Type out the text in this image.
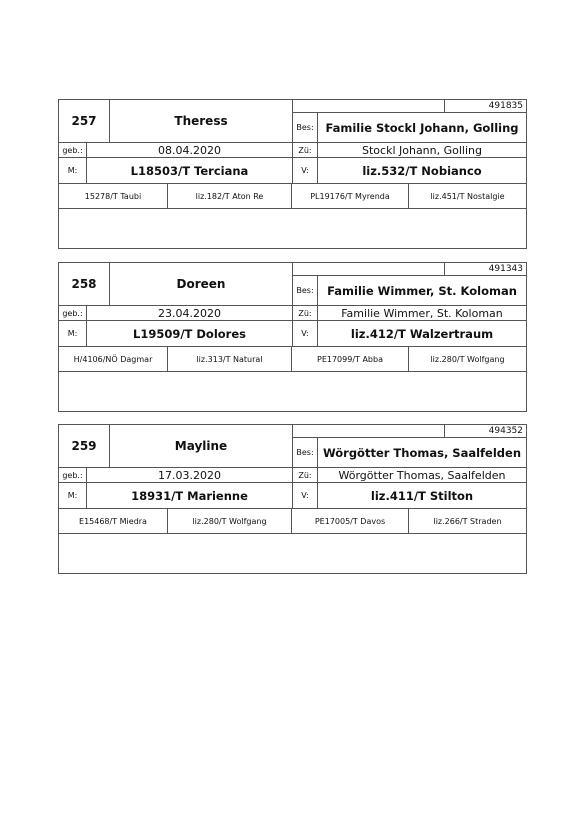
257	Theress
491835
Bes:	Familie Stockl Johann, Golling
geb.:	08.04.2020	Zü:	Stockl Johann, Golling
M:	L18503/T Terciana	V:	liz.532/T Nobianco
15278/T Taubi	liz.182/T Aton Re	PL19176/T Myrenda	liz.451/T Nostalgie
258	Doreen
491343
Bes:	Familie Wimmer, St. Koloman
geb.:	23.04.2020	Zü:	Familie Wimmer, St. Koloman
M:	L19509/T Dolores	V:	liz.412/T Walzertraum
H/4106/NÖ Dagmar	liz.313/T Natural	PE17099/T Abba	liz.280/T Wolfgang
259	Mayline
494352
Bes: Wörgötter Thomas, Saalfelden
geb.:	17.03.2020	Zü:	Wörgötter Thomas, Saalfelden
M:	18931/T Marienne	V:	liz.411/T Stilton
E15468/T Miedra	liz.280/T Wolfgang	PE17005/T Davos	liz.266/T Straden
